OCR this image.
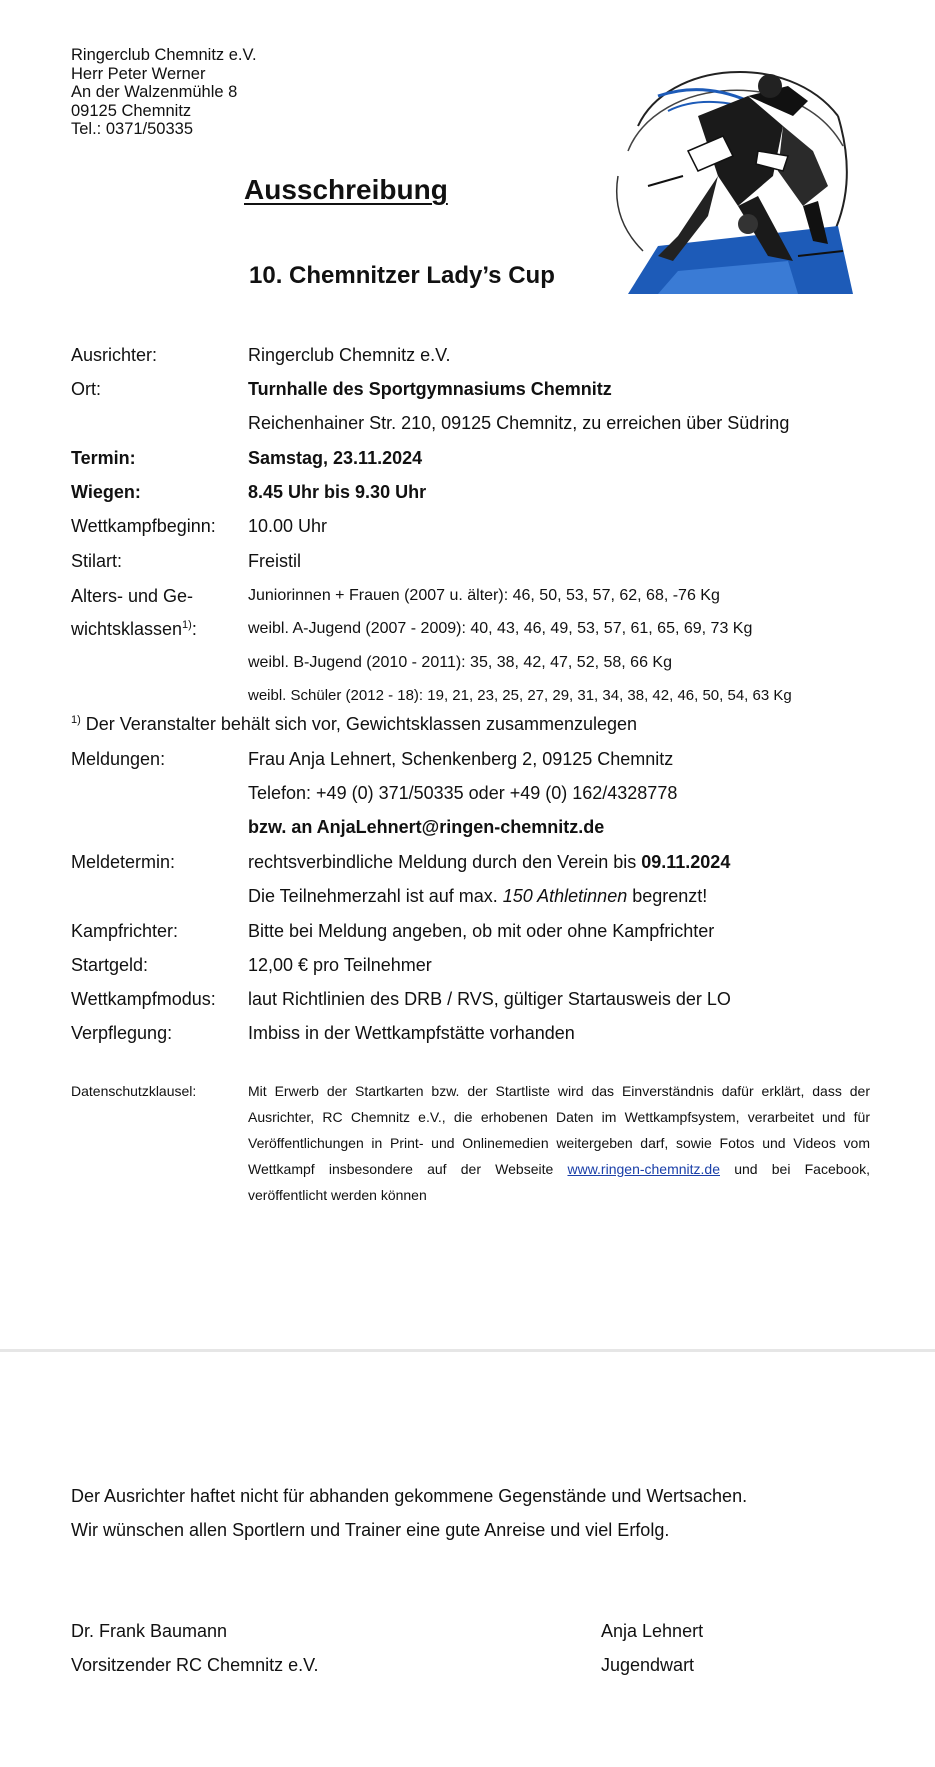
Ringerclub Chemnitz e.V.
Herr Peter Werner
An der Walzenmühle 8
09125 Chemnitz
Tel.: 0371/50335
Ausschreibung
10. Chemnitzer Lady’s Cup
Ausrichter:	Ringerclub Chemnitz e.V.
Ort:	Turnhalle des Sportgymnasiums Chemnitz
Reichenhainer Str. 210, 09125 Chemnitz, zu erreichen über Südring
Termin:	Samstag, 23.11.2024
Wiegen:	8.45 Uhr bis 9.30 Uhr
Wettkampfbeginn: 10.00 Uhr
Stilart:	Freistil
Alters- und Ge-
wichtsklassen$^{1)}$:
Juniorinnen + Frauen (2007 u. älter): 46, 50, 53, 57, 62, 68, -76 Kg
weibl. A-Jugend (2007 - 2009): 40, 43, 46, 49, 53, 57, 61, 65, 69, 73 Kg
weibl. B-Jugend (2010 - 2011): 35, 38, 42, 47, 52, 58, 66 Kg
weibl. Schüler (2012 - 18): 19, 21, 23, 25, 27, 29, 31, 34, 38, 42, 46, 50, 54, 63 Kg
$^{1)}$ Der Veranstalter behält sich vor, Gewichtsklassen zusammenzulegen
Meldungen:	Frau Anja Lehnert, Schenkenberg 2, 09125 Chemnitz
Telefon: +49 (0) 371/50335 oder +49 (0) 162/4328778
bzw. an AnjaLehnert@ringen-chemnitz.de
Meldetermin:	rechtsverbindliche Meldung durch den Verein bis 09.11.2024
Die Teilnehmerzahl ist auf max. 150 Athletinnen begrenzt!
Kampfrichter:	Bitte bei Meldung angeben, ob mit oder ohne Kampfrichter
Startgeld:	12,00 € pro Teilnehmer
Wettkampfmodus: laut Richtlinien des DRB / RVS, gültiger Startausweis der LO
Verpflegung:	Imbiss in der Wettkampfstätte vorhanden
Datenschutzklausel:	Mit Erwerb der Startkarten bzw. der Startliste wird das Einverständnis dafür erklärt, dass der Ausrichter, RC Chemnitz e.V., die erhobenen Daten im Wettkampfsystem, verarbeitet und für Veröffentlichungen in Print- und Onlinemedien weitergeben darf, sowie Fotos und Videos vom Wettkampf insbesondere auf der Webseite www.ringen-chemnitz.de und bei Facebook, veröffentlicht werden können
Der Ausrichter haftet nicht für abhanden gekommene Gegenstände und Wertsachen.
Wir wünschen allen Sportlern und Trainer eine gute Anreise und viel Erfolg.
Dr. Frank Baumann
Vorsitzender RC Chemnitz e.V.
Anja Lehnert
Jugendwart
